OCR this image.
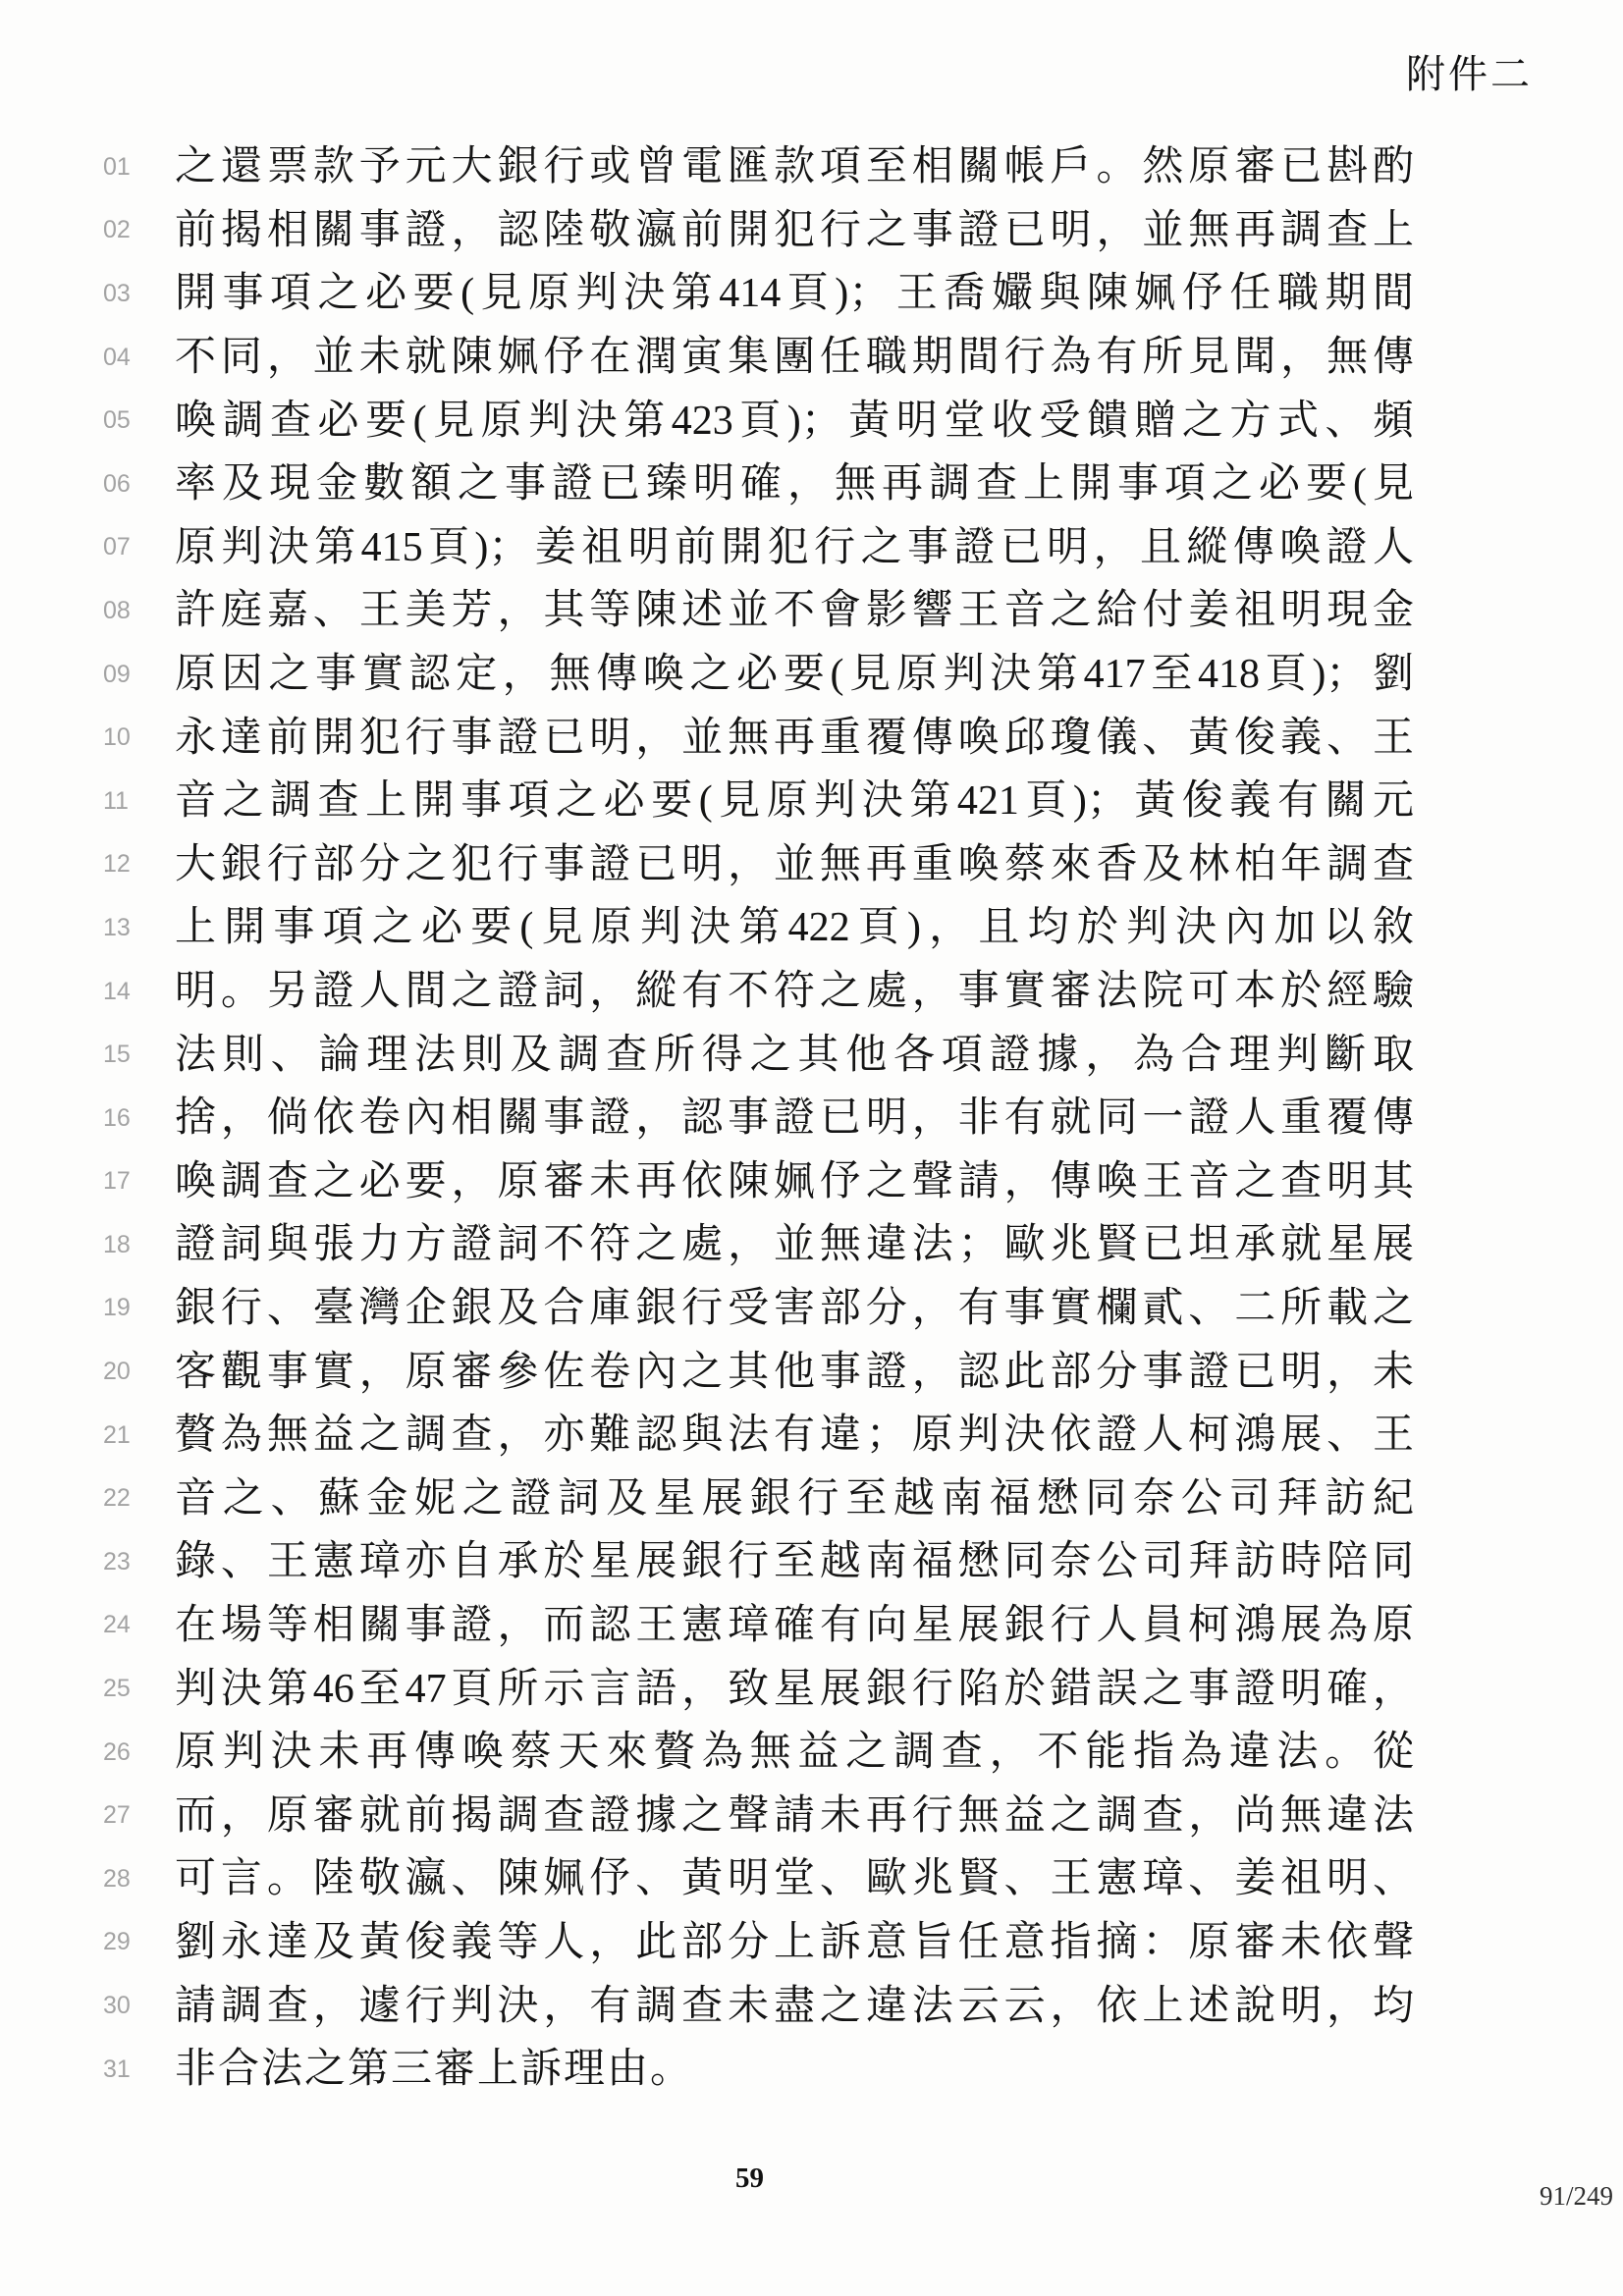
附件二
01	之還票款予元大銀行或曾電匯款項至相關帳戶。然原審已斟酌
02	前揭相關事證，認陸敬瀛前開犯行之事證已明，並無再調查上
03	開事項之必要(見原判決第414頁)；王喬孍與陳姵伃任職期間
04	不同，並未就陳姵伃在潤寅集團任職期間行為有所見聞，無傳
05	喚調查必要(見原判決第423頁)；黃明堂收受饋贈之方式、頻
06	率及現金數額之事證已臻明確，無再調查上開事項之必要(見
07	原判決第415頁)；姜祖明前開犯行之事證已明，且縱傳喚證人
08	許庭嘉、王美芳，其等陳述並不會影響王音之給付姜祖明現金
09	原因之事實認定，無傳喚之必要(見原判決第417至418頁)；劉
10	永達前開犯行事證已明，並無再重覆傳喚邱瓊儀、黃俊義、王
11	音之調查上開事項之必要(見原判決第421頁)；黃俊義有關元
12	大銀行部分之犯行事證已明，並無再重喚蔡來香及林柏年調查
13	上開事項之必要(見原判決第422頁)，且均於判決內加以敘
14	明。另證人間之證詞，縱有不符之處，事實審法院可本於經驗
15	法則、論理法則及調查所得之其他各項證據，為合理判斷取
16	捨，倘依卷內相關事證，認事證已明，非有就同一證人重覆傳
17	喚調查之必要，原審未再依陳姵伃之聲請，傳喚王音之查明其
18	證詞與張力方證詞不符之處，並無違法；歐兆賢已坦承就星展
19	銀行、臺灣企銀及合庫銀行受害部分，有事實欄貳、二所載之
20	客觀事實，原審參佐卷內之其他事證，認此部分事證已明，未
21	贅為無益之調查，亦難認與法有違；原判決依證人柯鴻展、王
22	音之、蘇金妮之證詞及星展銀行至越南福懋同奈公司拜訪紀
23	錄、王憲璋亦自承於星展銀行至越南福懋同奈公司拜訪時陪同
24	在場等相關事證，而認王憲璋確有向星展銀行人員柯鴻展為原
25	判決第46至47頁所示言語，致星展銀行陷於錯誤之事證明確，
26	原判決未再傳喚蔡天來贅為無益之調查，不能指為違法。從
27	而，原審就前揭調查證據之聲請未再行無益之調查，尚無違法
28	可言。陸敬瀛、陳姵伃、黃明堂、歐兆賢、王憲璋、姜祖明、
29	劉永達及黃俊義等人，此部分上訴意旨任意指摘：原審未依聲
30	請調查，遽行判決，有調查未盡之違法云云，依上述說明，均
31	非合法之第三審上訴理由。
59
91/249
